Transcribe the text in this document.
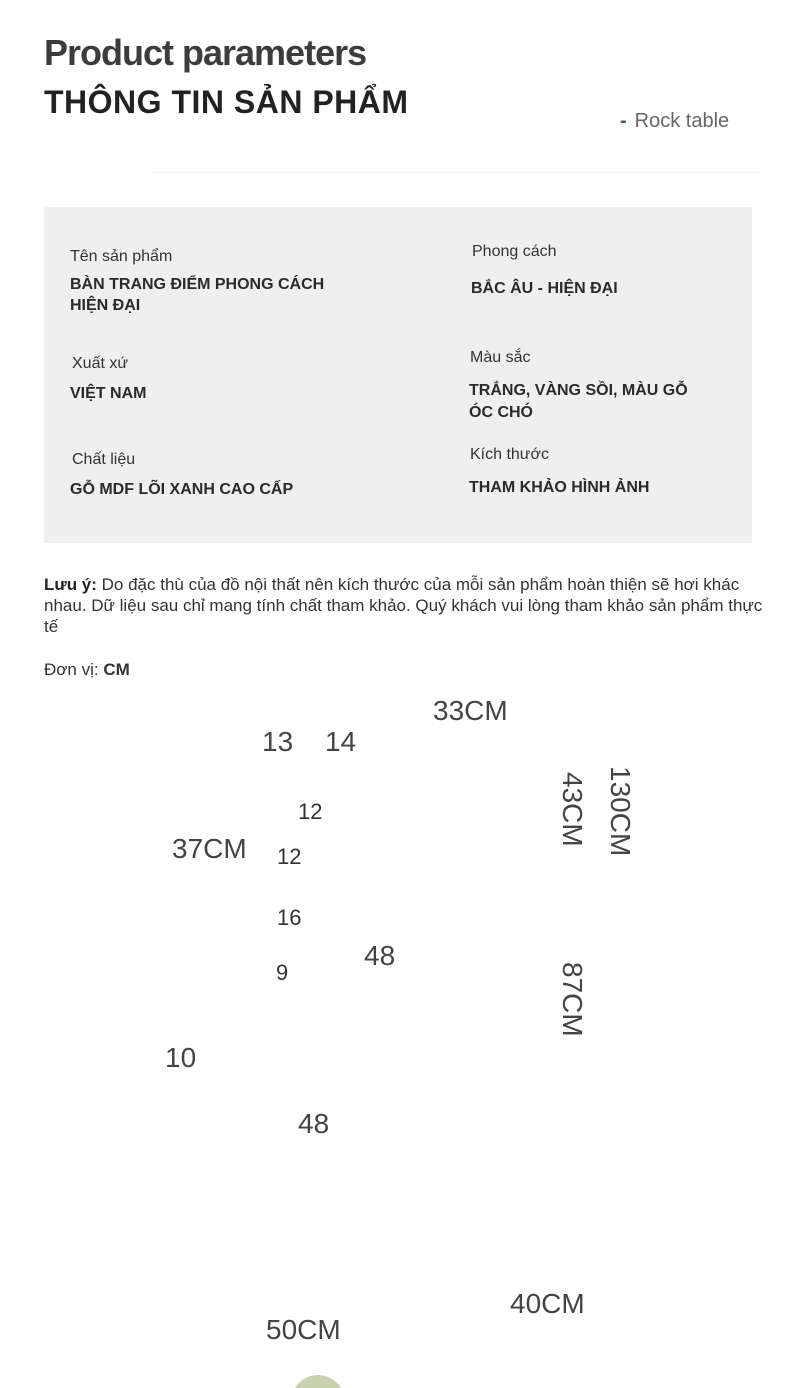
Product parameters
THÔNG TIN SẢN PHẨM
- Rock table
Tên sản phẩm
BÀN TRANG ĐIỂM PHONG CÁCH
HIỆN ĐẠI
Phong cách
BẮC ÂU - HIỆN ĐẠI
Xuất xứ
VIỆT NAM
Màu sắc
TRẮNG, VÀNG SỒI, MÀU GỖ
ÓC CHÓ
Chất liệu
GỖ MDF LÕI XANH CAO CẤP
Kích thước
THAM KHẢO HÌNH ẢNH
Lưu ý: Do đặc thù của đồ nội thất nên kích thước của mỗi sản phẩm hoàn thiện sẽ hơi khác nhau. Dữ liệu sau chỉ mang tính chất tham khảo. Quý khách vui lòng tham khảo sản phẩm thực tế
Đơn vị: CM
33CM
13 14
37CM
12
12
16
48
9
10
48
43CM 130CM
87CM
50CM
40CM
